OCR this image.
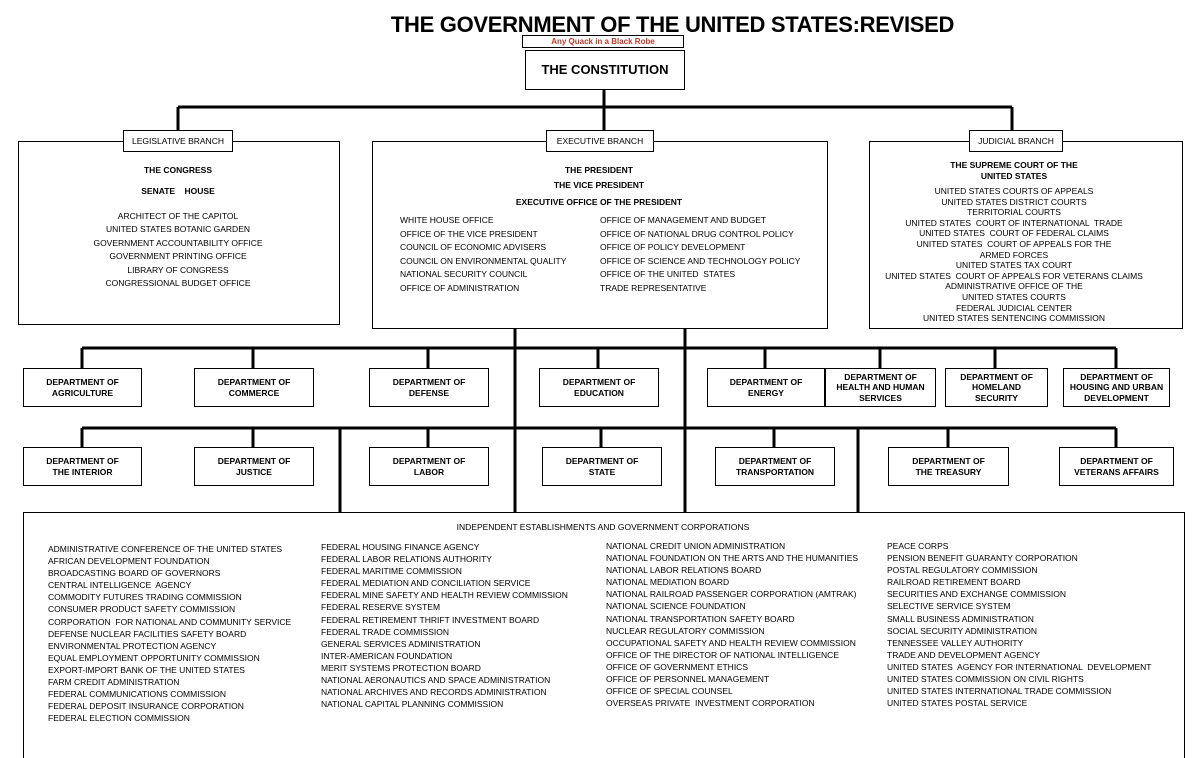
THE GOVERNMENT OF THE UNITED STATES:REVISED
Any Quack in a Black Robe
THE CONSTITUTION
LEGISLATIVE BRANCH
THE CONGRESS
SENATE    HOUSE
ARCHITECT OF THE CAPITOL
UNITED STATES BOTANIC GARDEN
GOVERNMENT ACCOUNTABILITY OFFICE
GOVERNMENT PRINTING OFFICE
LIBRARY OF CONGRESS
CONGRESSIONAL BUDGET OFFICE
EXECUTIVE BRANCH
THE PRESIDENT
THE VICE PRESIDENT
EXECUTIVE OFFICE OF THE PRESIDENT
WHITE HOUSE OFFICE
OFFICE OF THE VICE PRESIDENT
COUNCIL OF ECONOMIC ADVISERS
COUNCIL ON ENVIRONMENTAL QUALITY
NATIONAL SECURITY COUNCIL
OFFICE OF ADMINISTRATION
OFFICE OF MANAGEMENT AND BUDGET
OFFICE OF NATIONAL DRUG CONTROL POLICY
OFFICE OF POLICY DEVELOPMENT
OFFICE OF SCIENCE AND TECHNOLOGY POLICY
OFFICE OF THE UNITED  STATES
TRADE REPRESENTATIVE
JUDICIAL BRANCH
THE SUPREME COURT OF THE
UNITED STATES
UNITED STATES COURTS OF APPEALS
UNITED STATES DISTRICT COURTS
TERRITORIAL COURTS
UNITED STATES  COURT OF INTERNATIONAL  TRADE
UNITED STATES  COURT OF FEDERAL CLAIMS
UNITED STATES  COURT OF APPEALS FOR THE
ARMED FORCES
UNITED STATES TAX COURT
UNITED STATES  COURT OF APPEALS FOR VETERANS CLAIMS
ADMINISTRATIVE OFFICE OF THE
UNITED STATES COURTS
FEDERAL JUDICIAL CENTER
UNITED STATES SENTENCING COMMISSION
DEPARTMENT OF
AGRICULTURE
DEPARTMENT OF
COMMERCE
DEPARTMENT OF
DEFENSE
DEPARTMENT OF
EDUCATION
DEPARTMENT OF
ENERGY
DEPARTMENT OF
HEALTH AND HUMAN
SERVICES
DEPARTMENT OF
HOMELAND
SECURITY
DEPARTMENT OF
HOUSING AND URBAN
DEVELOPMENT
DEPARTMENT OF
THE INTERIOR
DEPARTMENT OF
JUSTICE
DEPARTMENT OF
LABOR
DEPARTMENT OF
STATE
DEPARTMENT OF
TRANSPORTATION
DEPARTMENT OF
THE TREASURY
DEPARTMENT OF
VETERANS AFFAIRS
INDEPENDENT ESTABLISHMENTS AND GOVERNMENT CORPORATIONS
ADMINISTRATIVE CONFERENCE OF THE UNITED STATES
AFRICAN DEVELOPMENT FOUNDATION
BROADCASTING BOARD OF GOVERNORS
CENTRAL INTELLIGENCE  AGENCY
COMMODITY FUTURES TRADING COMMISSION
CONSUMER PRODUCT SAFETY COMMISSION
CORPORATION  FOR NATIONAL AND COMMUNITY SERVICE
DEFENSE NUCLEAR FACILITIES SAFETY BOARD
ENVIRONMENTAL PROTECTION AGENCY
EQUAL EMPLOYMENT OPPORTUNITY COMMISSION
EXPORT-IMPORT BANK OF THE UNITED STATES
FARM CREDIT ADMINISTRATION
FEDERAL COMMUNICATIONS COMMISSION
FEDERAL DEPOSIT INSURANCE CORPORATION
FEDERAL ELECTION COMMISSION
FEDERAL HOUSING FINANCE AGENCY
FEDERAL LABOR RELATIONS AUTHORITY
FEDERAL MARITIME COMMISSION
FEDERAL MEDIATION AND CONCILIATION SERVICE
FEDERAL MINE SAFETY AND HEALTH REVIEW COMMISSION
FEDERAL RESERVE SYSTEM
FEDERAL RETIREMENT THRIFT INVESTMENT BOARD
FEDERAL TRADE COMMISSION
GENERAL SERVICES ADMINISTRATION
INTER-AMERICAN FOUNDATION
MERIT SYSTEMS PROTECTION BOARD
NATIONAL AERONAUTICS AND SPACE ADMINISTRATION
NATIONAL ARCHIVES AND RECORDS ADMINISTRATION
NATIONAL CAPITAL PLANNING COMMISSION
NATIONAL CREDIT UNION ADMINISTRATION
NATIONAL FOUNDATION ON THE ARTS AND THE HUMANITIES
NATIONAL LABOR RELATIONS BOARD
NATIONAL MEDIATION BOARD
NATIONAL RAILROAD PASSENGER CORPORATION (AMTRAK)
NATIONAL SCIENCE FOUNDATION
NATIONAL TRANSPORTATION SAFETY BOARD
NUCLEAR REGULATORY COMMISSION
OCCUPATIONAL SAFETY AND HEALTH REVIEW COMMISSION
OFFICE OF THE DIRECTOR OF NATIONAL INTELLIGENCE
OFFICE OF GOVERNMENT ETHICS
OFFICE OF PERSONNEL MANAGEMENT
OFFICE OF SPECIAL COUNSEL
OVERSEAS PRIVATE  INVESTMENT CORPORATION
PEACE CORPS
PENSION BENEFIT GUARANTY CORPORATION
POSTAL REGULATORY COMMISSION
RAILROAD RETIREMENT BOARD
SECURITIES AND EXCHANGE COMMISSION
SELECTIVE SERVICE SYSTEM
SMALL BUSINESS ADMINISTRATION
SOCIAL SECURITY ADMINISTRATION
TENNESSEE VALLEY AUTHORITY
TRADE AND DEVELOPMENT AGENCY
UNITED STATES  AGENCY FOR INTERNATIONAL  DEVELOPMENT
UNITED STATES COMMISSION ON CIVIL RIGHTS
UNITED STATES INTERNATIONAL TRADE COMMISSION
UNITED STATES POSTAL SERVICE
